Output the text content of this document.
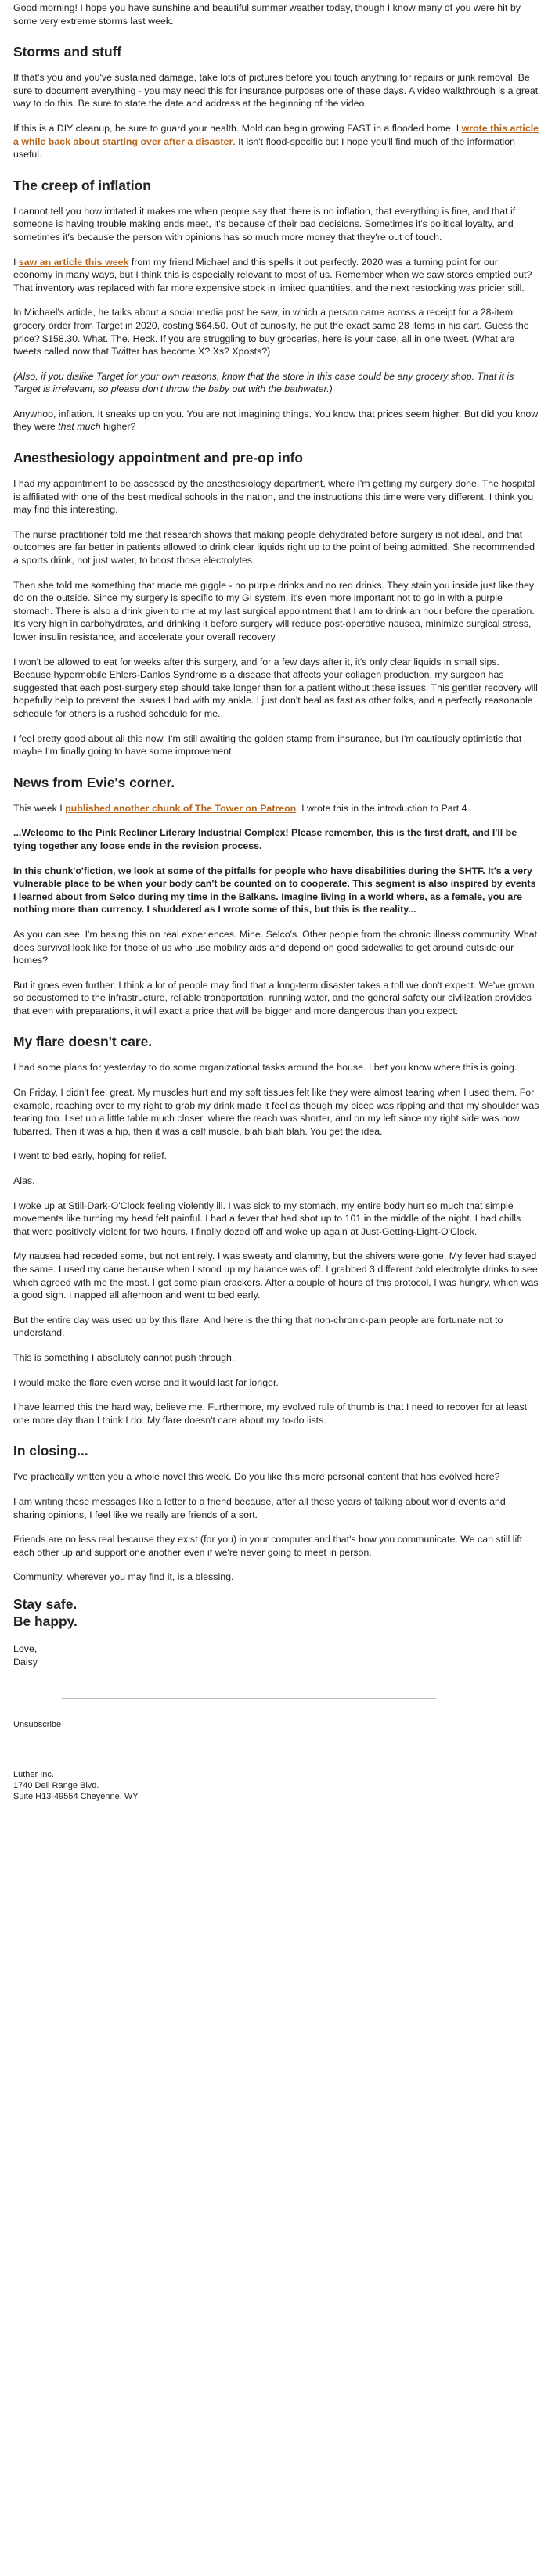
Good morning! I hope you have sunshine and beautiful summer weather today, though I know many of you were hit by some very extreme storms last week.

Storms and stuff

If that's you and you've sustained damage, take lots of pictures before you touch anything for repairs or junk removal. Be sure to document everything - you may need this for insurance purposes one of these days. A video walkthrough is a great way to do this. Be sure to state the date and address at the beginning of the video.

If this is a DIY cleanup, be sure to guard your health. Mold can begin growing FAST in a flooded home. I wrote this article a while back about starting over after a disaster. It isn't flood-specific but I hope you'll find much of the information useful.

The creep of inflation

I cannot tell you how irritated it makes me when people say that there is no inflation, that everything is fine, and that if someone is having trouble making ends meet, it's because of their bad decisions. Sometimes it's political loyalty, and sometimes it's because the person with opinions has so much more money that they're out of touch.

I saw an article this week from my friend Michael and this spells it out perfectly. 2020 was a turning point for our economy in many ways, but I think this is especially relevant to most of us. Remember when we saw stores emptied out? That inventory was replaced with far more expensive stock in limited quantities, and the next restocking was pricier still.

In Michael's article, he talks about a social media post he saw, in which a person came across a receipt for a 28-item grocery order from Target in 2020, costing $64.50. Out of curiosity, he put the exact same 28 items in his cart. Guess the price? $158.30. What. The. Heck. If you are struggling to buy groceries, here is your case, all in one tweet. (What are tweets called now that Twitter has become X? Xs? Xposts?)

(Also, if you dislike Target for your own reasons, know that the store in this case could be any grocery shop. That it is Target is irrelevant, so please don't throw the baby out with the bathwater.)

Anywhoo, inflation. It sneaks up on you. You are not imagining things. You know that prices seem higher. But did you know they were that much higher?

Anesthesiology appointment and pre-op info

I had my appointment to be assessed by the anesthesiology department, where I'm getting my surgery done. The hospital is affiliated with one of the best medical schools in the nation, and the instructions this time were very different. I think you may find this interesting.

The nurse practitioner told me that research shows that making people dehydrated before surgery is not ideal, and that outcomes are far better in patients allowed to drink clear liquids right up to the point of being admitted. She recommended a sports drink, not just water, to boost those electrolytes.

Then she told me something that made me giggle - no purple drinks and no red drinks. They stain you inside just like they do on the outside. Since my surgery is specific to my GI system, it's even more important not to go in with a purple stomach. There is also a drink given to me at my last surgical appointment that I am to drink an hour before the operation. It's very high in carbohydrates, and drinking it before surgery will reduce post-operative nausea, minimize surgical stress, lower insulin resistance, and accelerate your overall recovery

I won't be allowed to eat for weeks after this surgery, and for a few days after it, it's only clear liquids in small sips. Because hypermobile Ehlers-Danlos Syndrome is a disease that affects your collagen production, my surgeon has suggested that each post-surgery step should take longer than for a patient without these issues. This gentler recovery will hopefully help to prevent the issues I had with my ankle. I just don't heal as fast as other folks, and a perfectly reasonable schedule for others is a rushed schedule for me.

I feel pretty good about all this now. I'm still awaiting the golden stamp from insurance, but I'm cautiously optimistic that maybe I'm finally going to have some improvement.

News from Evie's corner.

This week I published another chunk of The Tower on Patreon. I wrote this in the introduction to Part 4.

...Welcome to the Pink Recliner Literary Industrial Complex! Please remember, this is the first draft, and I'll be tying together any loose ends in the revision process.

In this chunk'o'fiction, we look at some of the pitfalls for people who have disabilities during the SHTF. It's a very vulnerable place to be when your body can't be counted on to cooperate. This segment is also inspired by events I learned about from Selco during my time in the Balkans. Imagine living in a world where, as a female, you are nothing more than currency. I shuddered as I wrote some of this, but this is the reality...

As you can see, I'm basing this on real experiences. Mine. Selco's. Other people from the chronic illness community. What does survival look like for those of us who use mobility aids and depend on good sidewalks to get around outside our homes?

But it goes even further. I think a lot of people may find that a long-term disaster takes a toll we don't expect. We've grown so accustomed to the infrastructure, reliable transportation, running water, and the general safety our civilization provides that even with preparations, it will exact a price that will be bigger and more dangerous than you expect.

My flare doesn't care.

I had some plans for yesterday to do some organizational tasks around the house. I bet you know where this is going.

On Friday, I didn't feel great. My muscles hurt and my soft tissues felt like they were almost tearing when I used them. For example, reaching over to my right to grab my drink made it feel as though my bicep was ripping and that my shoulder was tearing too. I set up a little table much closer, where the reach was shorter, and on my left since my right side was now fubarred. Then it was a hip, then it was a calf muscle, blah blah blah. You get the idea.

I went to bed early, hoping for relief.

Alas.

I woke up at Still-Dark-O'Clock feeling violently ill. I was sick to my stomach, my entire body hurt so much that simple movements like turning my head felt painful. I had a fever that had shot up to 101 in the middle of the night. I had chills that were positively violent for two hours. I finally dozed off and woke up again at Just-Getting-Light-O'Clock.

My nausea had receded some, but not entirely. I was sweaty and clammy, but the shivers were gone. My fever had stayed the same. I used my cane because when I stood up my balance was off. I grabbed 3 different cold electrolyte drinks to see which agreed with me the most. I got some plain crackers. After a couple of hours of this protocol, I was hungry, which was a good sign. I napped all afternoon and went to bed early.

But the entire day was used up by this flare. And here is the thing that non-chronic-pain people are fortunate not to understand.

This is something I absolutely cannot push through.

I would make the flare even worse and it would last far longer.

I have learned this the hard way, believe me. Furthermore, my evolved rule of thumb is that I need to recover for at least one more day than I think I do. My flare doesn't care about my to-do lists.

In closing...

I've practically written you a whole novel this week. Do you like this more personal content that has evolved here?

I am writing these messages like a letter to a friend because, after all these years of talking about world events and sharing opinions, I feel like we really are friends of a sort.

Friends are no less real because they exist (for you) in your computer and that's how you communicate. We can still lift each other up and support one another even if we're never going to meet in person.

Community, wherever you may find it, is a blessing.

Stay safe.
Be happy.
Love,
Daisy
Unsubscribe
Luther Inc.
1740 Dell Range Blvd.
Suite H13-49554 Cheyenne, WY
